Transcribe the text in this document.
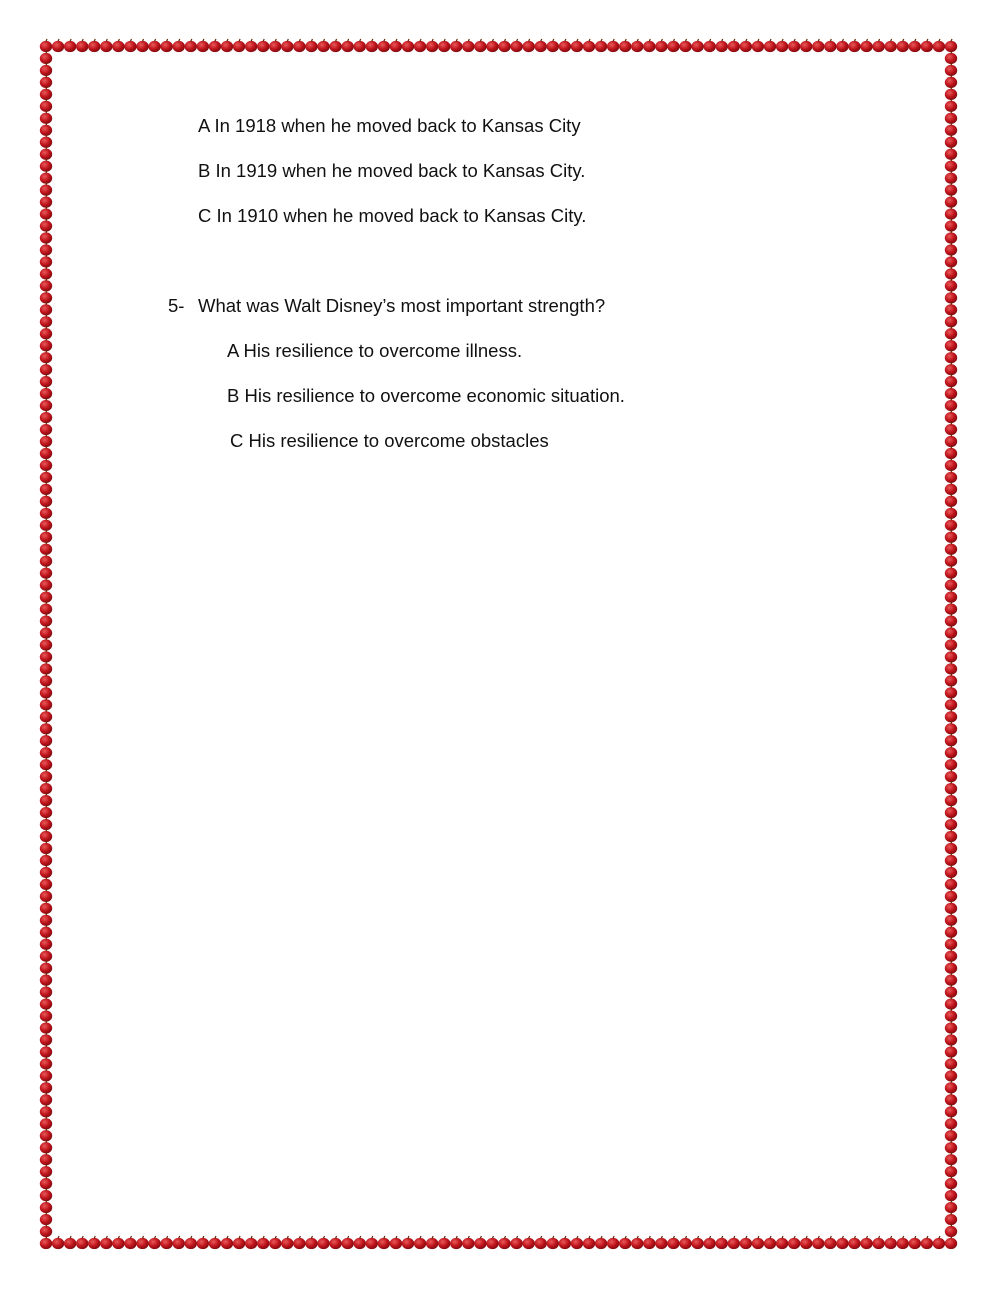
A In 1918 when he moved back to Kansas City
B In 1919 when he moved back to Kansas City.
C In 1910 when he moved back to Kansas City.
5- What was Walt Disney’s most important strength?
A His resilience to overcome illness.
B His resilience to overcome economic situation.
C His resilience to overcome obstacles
